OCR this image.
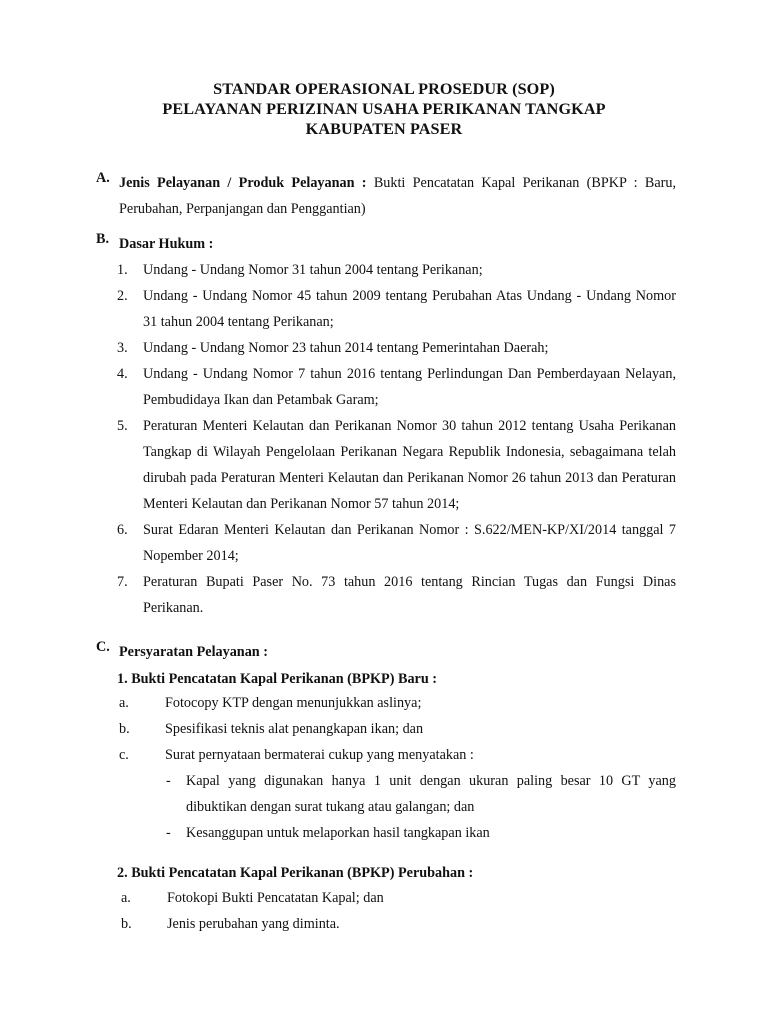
STANDAR OPERASIONAL PROSEDUR (SOP)
PELAYANAN PERIZINAN USAHA PERIKANAN TANGKAP
KABUPATEN PASER
A. Jenis Pelayanan / Produk Pelayanan : Bukti Pencatatan Kapal Perikanan (BPKP : Baru, Perubahan, Perpanjangan dan Penggantian)
B. Dasar Hukum :
1. Undang - Undang Nomor 31 tahun 2004 tentang Perikanan;
2. Undang - Undang Nomor 45 tahun 2009 tentang Perubahan Atas Undang - Undang Nomor 31 tahun 2004 tentang Perikanan;
3. Undang - Undang Nomor 23 tahun 2014 tentang Pemerintahan Daerah;
4. Undang - Undang Nomor 7 tahun 2016 tentang Perlindungan Dan Pemberdayaan Nelayan, Pembudidaya Ikan dan Petambak Garam;
5. Peraturan Menteri Kelautan dan Perikanan Nomor 30 tahun 2012 tentang Usaha Perikanan Tangkap di Wilayah Pengelolaan Perikanan Negara Republik Indonesia, sebagaimana telah dirubah pada Peraturan Menteri Kelautan dan Perikanan Nomor 26 tahun 2013 dan Peraturan Menteri Kelautan dan Perikanan Nomor 57 tahun 2014;
6. Surat Edaran Menteri Kelautan dan Perikanan Nomor : S.622/MEN-KP/XI/2014 tanggal 7 Nopember 2014;
7. Peraturan Bupati Paser No. 73 tahun 2016 tentang Rincian Tugas dan Fungsi Dinas Perikanan.
C. Persyaratan Pelayanan :
1. Bukti Pencatatan Kapal Perikanan (BPKP) Baru :
a.	Fotocopy KTP dengan menunjukkan aslinya;
b. Spesifikasi teknis alat penangkapan ikan; dan
c.	Surat pernyataan bermaterai cukup yang menyatakan :
- Kapal yang digunakan hanya 1 unit dengan ukuran paling besar 10 GT yang dibuktikan dengan surat tukang atau galangan; dan
- Kesanggupan untuk melaporkan hasil tangkapan ikan
2. Bukti Pencatatan Kapal Perikanan (BPKP) Perubahan :
a.	Fotokopi Bukti Pencatatan Kapal; dan
b. Jenis perubahan yang diminta.
